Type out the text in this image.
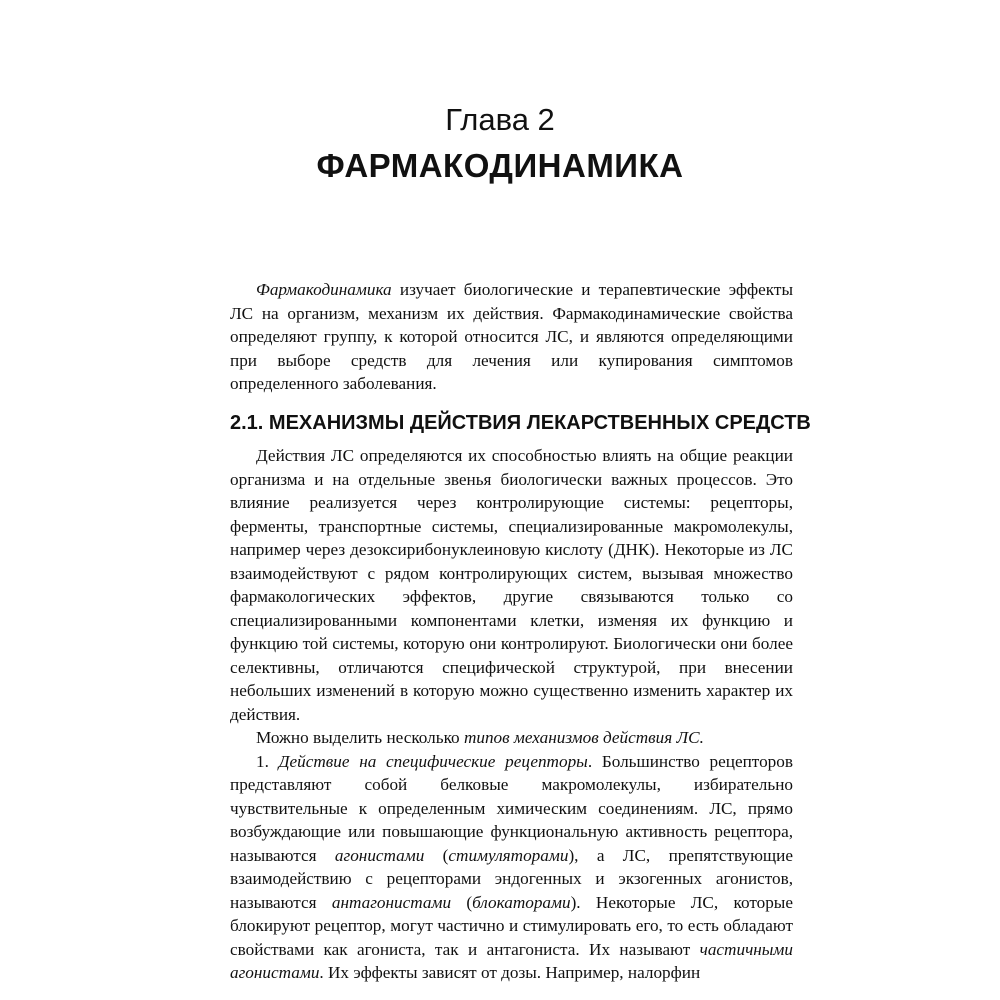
Глава 2
ФАРМАКОДИНАМИКА

Фармакодинамика изучает биологические и терапевтические эффекты ЛС на организм, механизм их действия. Фармакодинамические свойства определяют группу, к которой относится ЛС, и являются определяющими при выборе средств для лечения или купирования симптомов определенного заболевания.

2.1. МЕХАНИЗМЫ ДЕЙСТВИЯ ЛЕКАРСТВЕННЫХ СРЕДСТВ

Действия ЛС определяются их способностью влиять на общие реакции организма и на отдельные звенья биологически важных процессов. Это влияние реализуется через контролирующие системы: рецепторы, ферменты, транспортные системы, специализированные макромолекулы, например через дезоксирибонуклеиновую кислоту (ДНК). Некоторые из ЛС взаимодействуют с рядом контролирующих систем, вызывая множество фармакологических эффектов, другие связываются только со специализированными компонентами клетки, изменяя их функцию и функцию той системы, которую они контролируют. Биологически они более селективны, отличаются специфической структурой, при внесении небольших изменений в которую можно существенно изменить характер их действия.

Можно выделить несколько типов механизмов действия ЛС.

1. Действие на специфические рецепторы. Большинство рецепторов представляют собой белковые макромолекулы, избирательно чувствительные к определенным химическим соединениям. ЛС, прямо возбуждающие или повышающие функциональную активность рецептора, называются агонистами (стимуляторами), а ЛС, препятствующие взаимодействию с рецепторами эндогенных и экзогенных агонистов, называются антагонистами (блокаторами). Некоторые ЛС, которые блокируют рецептор, могут частично и стимулировать его, то есть обладают свойствами как агониста, так и антагониста. Их называют частичными агонистами. Их эффекты зависят от дозы. Например, налорфин
